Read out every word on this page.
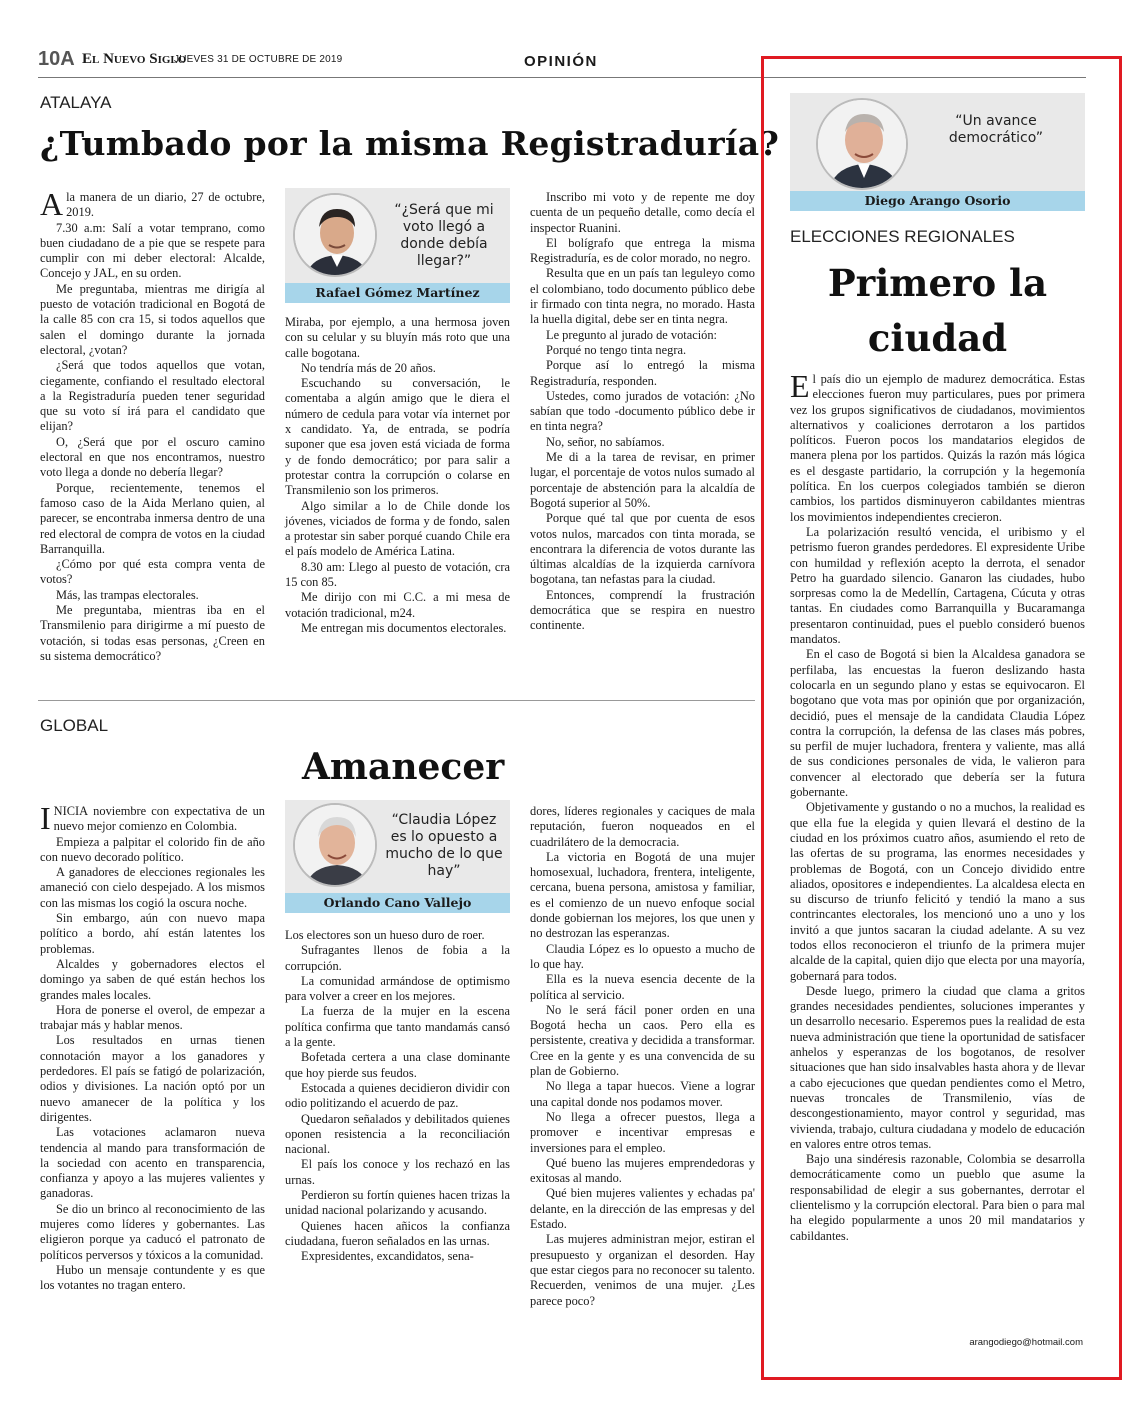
10A El Nuevo Siglo
JUEVES 31 DE OCTUBRE DE 2019	OPINIÓN
ATALAYA
¿Tumbado por la misma Registraduría?

Ala manera de un diario, 27 de octubre, 2019.

7.30 a.m: Salí a votar temprano, como buen ciudadano de a pie que se respete para cumplir con mi deber electoral: Alcalde, Concejo y JAL, en su orden.

Me preguntaba, mientras me dirigía al puesto de votación tradicional en Bogotá de la calle 85 con cra 15, si todos aquellos que salen el domingo durante la jornada electoral, ¿votan?

¿Será que todos aquellos que votan, ciegamente, confiando el resultado electoral a la Registraduría pueden tener seguridad que su voto sí irá para el candidato que elijan?

O, ¿Será que por el oscuro camino electoral en que nos encontramos, nuestro voto llega a donde no debería llegar?

Porque, recientemente, tenemos el famoso caso de la Aida Merlano quien, al parecer, se encontraba inmersa dentro de una red electoral de compra de votos en la ciudad Barranquilla.

¿Cómo por qué esta compra venta de votos?

Más, las trampas electorales.

Me preguntaba, mientras iba en el Transmilenio para dirigirme a mí puesto de votación, si todas esas personas, ¿Creen en su sistema democrático?

“¿Será que mi voto llegó a donde debía llegar?”
Rafael Gómez Martínez

Miraba, por ejemplo, a una hermosa joven con su celular y su bluyín más roto que una calle bogotana.

No tendría más de 20 años.

Escuchando su conversación, le comentaba a algún amigo que le diera el número de cedula para votar vía internet por x candidato. Ya, de entrada, se podría suponer que esa joven está viciada de forma y de fondo democrático; por para salir a protestar contra la corrupción o colarse en Transmilenio son los primeros.

Algo similar a lo de Chile donde los jóvenes, viciados de forma y de fondo, salen a protestar sin saber porqué cuando Chile era el país modelo de América Latina.

8.30 am: Llego al puesto de votación, cra 15 con 85.

Me dirijo con mi C.C. a mi mesa de votación tradicional, m24.

Me entregan mis documentos electorales.

Inscribo mi voto y de repente me doy cuenta de un pequeño detalle, como decía el inspector Ruanini.

El bolígrafo que entrega la misma Registraduría, es de color morado, no negro.

Resulta que en un país tan leguleyo como el colombiano, todo documento público debe ir firmado con tinta negra, no morado. Hasta la huella digital, debe ser en tinta negra.

Le pregunto al jurado de votación:

Porqué no tengo tinta negra.

Porque así lo entregó la misma Registraduría, responden.

Ustedes, como jurados de votación: ¿No sabían que todo -documento público debe ir en tinta negra?

No, señor, no sabíamos.

Me di a la tarea de revisar, en primer lugar, el porcentaje de votos nulos sumado al porcentaje de abstención para la alcaldía de Bogotá superior al 50%.

Porque qué tal que por cuenta de esos votos nulos, marcados con tinta morada, se encontrara la diferencia de votos durante las últimas alcaldías de la izquierda carnívora bogotana, tan nefastas para la ciudad.

Entonces, comprendí la frustración democrática que se respira en nuestro continente.

GLOBAL
Amanecer

INICIA noviembre con expectativa de un nuevo mejor comienzo en Colombia.

Empieza a palpitar el colorido fin de año con nuevo decorado político.

A ganadores de elecciones regionales les amaneció con cielo despejado. A los mismos con las mismas los cogió la oscura noche.

Sin embargo, aún con nuevo mapa político a bordo, ahí están latentes los problemas.

Alcaldes y gobernadores electos el domingo ya saben de qué están hechos los grandes males locales.

Hora de ponerse el overol, de empezar a trabajar más y hablar menos.

Los resultados en urnas tienen connotación mayor a los ganadores y perdedores. El país se fatigó de polarización, odios y divisiones. La nación optó por un nuevo amanecer de la política y los dirigentes.

Las votaciones aclamaron nueva tendencia al mando para transformación de la sociedad con acento en transparencia, confianza y apoyo a las mujeres valientes y ganadoras.

Se dio un brinco al reconocimiento de las mujeres como líderes y gobernantes. Las eligieron porque ya caducó el patronato de políticos perversos y tóxicos a la comunidad.

Hubo un mensaje contundente y es que los votantes no tragan entero.

“Claudia López es lo opuesto a mucho de lo que hay”
Orlando Cano Vallejo

Los electores son un hueso duro de roer.

Sufragantes llenos de fobia a la corrupción.

La comunidad armándose de optimismo para volver a creer en los mejores.

La fuerza de la mujer en la escena política confirma que tanto mandamás cansó a la gente.

Bofetada certera a una clase dominante que hoy pierde sus feudos.

Estocada a quienes decidieron dividir con odio politizando el acuerdo de paz.

Quedaron señalados y debilitados quienes oponen resistencia a la reconciliación nacional.

El país los conoce y los rechazó en las urnas.

Perdieron su fortín quienes hacen trizas la unidad nacional polarizando y acusando.

Quienes hacen añicos la confianza ciudadana, fueron señalados en las urnas.

Expresidentes, excandidatos, sena-

dores, líderes regionales y caciques de mala reputación, fueron noqueados en el cuadrilátero de la democracia.

La victoria en Bogotá de una mujer homosexual, luchadora, frentera, inteligente, cercana, buena persona, amistosa y familiar, es el comienzo de un nuevo enfoque social donde gobiernan los mejores, los que unen y no destrozan las esperanzas.

Claudia López es lo opuesto a mucho de lo que hay.

Ella es la nueva esencia decente de la política al servicio.

No le será fácil poner orden en una Bogotá hecha un caos. Pero ella es persistente, creativa y decidida a transformar. Cree en la gente y es una convencida de su plan de Gobierno.

No llega a tapar huecos. Viene a lograr una capital donde nos podamos mover.

No llega a ofrecer puestos, llega a promover e incentivar empresas e inversiones para el empleo.

Qué bueno las mujeres emprendedoras y exitosas al mando.

Qué bien mujeres valientes y echadas pa' delante, en la dirección de las empresas y del Estado.

Las mujeres administran mejor, estiran el presupuesto y organizan el desorden. Hay que estar ciegos para no reconocer su talento. Recuerden, venimos de una mujer. ¿Les parece poco?

“Un avance democrático”
Diego Arango Osorio
ELECCIONES REGIONALES
Primero la
ciudad

El país dio un ejemplo de madurez democrática. Estas elecciones fueron muy particulares, pues por primera vez los grupos significativos de ciudadanos, movimientos alternativos y coaliciones derrotaron a los partidos políticos. Fueron pocos los mandatarios elegidos de manera plena por los partidos. Quizás la razón más lógica es el desgaste partidario, la corrupción y la hegemonía política. En los cuerpos colegiados también se dieron cambios, los partidos disminuyeron cabildantes mientras los movimientos independientes crecieron.

La polarización resultó vencida, el uribismo y el petrismo fueron grandes perdedores. El expresidente Uribe con humildad y reflexión acepto la derrota, el senador Petro ha guardado silencio. Ganaron las ciudades, hubo sorpresas como la de Medellín, Cartagena, Cúcuta y otras tantas. En ciudades como Barranquilla y Bucaramanga presentaron continuidad, pues el pueblo consideró buenos mandatos.

En el caso de Bogotá si bien la Alcaldesa ganadora se perfilaba, las encuestas la fueron deslizando hasta colocarla en un segundo plano y estas se equivocaron. El bogotano que vota mas por opinión que por organización, decidió, pues el mensaje de la candidata Claudia López contra la corrupción, la defensa de las clases más pobres, su perfil de mujer luchadora, frentera y valiente, mas allá de sus condiciones personales de vida, le valieron para convencer al electorado que debería ser la futura gobernante.

Objetivamente y gustando o no a muchos, la realidad es que ella fue la elegida y quien llevará el destino de la ciudad en los próximos cuatro años, asumiendo el reto de las ofertas de su programa, las enormes necesidades y problemas de Bogotá, con un Concejo dividido entre aliados, opositores e independientes. La alcaldesa electa en su discurso de triunfo felicitó y tendió la mano a sus contrincantes electorales, los mencionó uno a uno y los invitó a que juntos sacaran la ciudad adelante. A su vez todos ellos reconocieron el triunfo de la primera mujer alcalde de la capital, quien dijo que electa por una mayoría, gobernará para todos.

Desde luego, primero la ciudad que clama a gritos grandes necesidades pendientes, soluciones imperantes y un desarrollo necesario. Esperemos pues la realidad de esta nueva administración que tiene la oportunidad de satisfacer anhelos y esperanzas de los bogotanos, de resolver situaciones que han sido insalvables hasta ahora y de llevar a cabo ejecuciones que quedan pendientes como el Metro, nuevas troncales de Transmilenio, vías de descongestionamiento, mayor control y seguridad, mas vivienda, trabajo, cultura ciudadana y modelo de educación en valores entre otros temas.

Bajo una sindéresis razonable, Colombia se desarrolla democráticamente como un pueblo que asume la responsabilidad de elegir a sus gobernantes, derrotar el clientelismo y la corrupción electoral. Para bien o para mal ha elegido popularmente a unos 20 mil mandatarios y cabildantes.

arangodiego@hotmail.com
